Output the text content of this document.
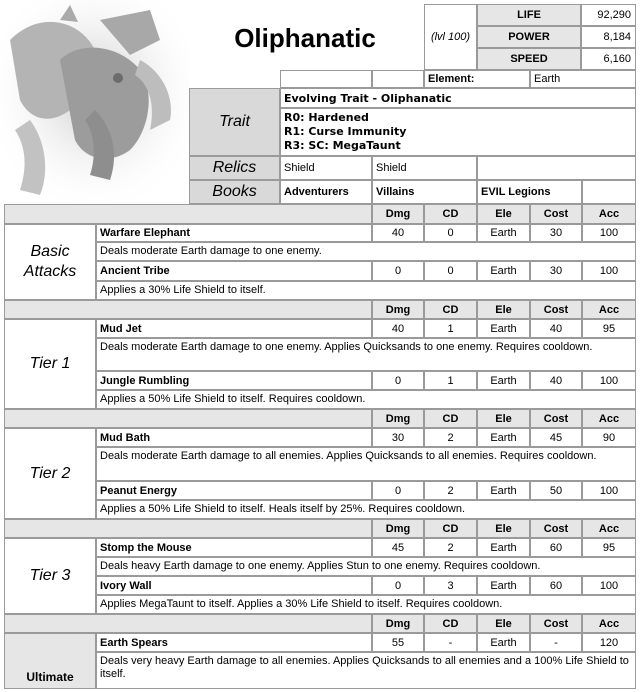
Oliphanatic	(lvl 100)
LIFE	92,290
POWER	8,184
SPEED	6,160
Element:	Earth
Trait
Evolving Trait - Oliphanatic
R0: Hardened
R1: Curse Immunity
R3: SC: MegaTaunt
Relics	Shield	Shield
Books	Adventurers	Villains	EVIL Legions
Dmg	CD	Ele	Cost	Acc
Basic Attacks
Warfare Elephant	40	0	Earth	30	100
Deals moderate Earth damage to one enemy.
Ancient Tribe	0	0	Earth	30	100
Applies a 30% Life Shield to itself.
Dmg	CD	Ele	Cost	Acc
Tier 1
Mud Jet	40	1	Earth	40	95
Deals moderate Earth damage to one enemy. Applies Quicksands to one enemy. Requires cooldown.
Jungle Rumbling	0	1	Earth	40	100
Applies a 50% Life Shield to itself. Requires cooldown.
Dmg	CD	Ele	Cost	Acc
Tier 2
Mud Bath	30	2	Earth	45	90
Deals moderate Earth damage to all enemies. Applies Quicksands to all enemies. Requires cooldown.
Peanut Energy	0	2	Earth	50	100
Applies a 50% Life Shield to itself. Heals itself by 25%. Requires cooldown.
Dmg	CD	Ele	Cost	Acc
Tier 3
Stomp the Mouse	45	2	Earth	60	95
Deals heavy Earth damage to one enemy. Applies Stun to one enemy. Requires cooldown.
Ivory Wall	0	3	Earth	60	100
Applies MegaTaunt to itself. Applies a 30% Life Shield to itself. Requires cooldown.
Dmg	CD	Ele	Cost	Acc
Ultimate
Earth Spears	55	-	Earth	-	120
Deals very heavy Earth damage to all enemies. Applies Quicksands to all enemies and a 100% Life Shield to itself.
